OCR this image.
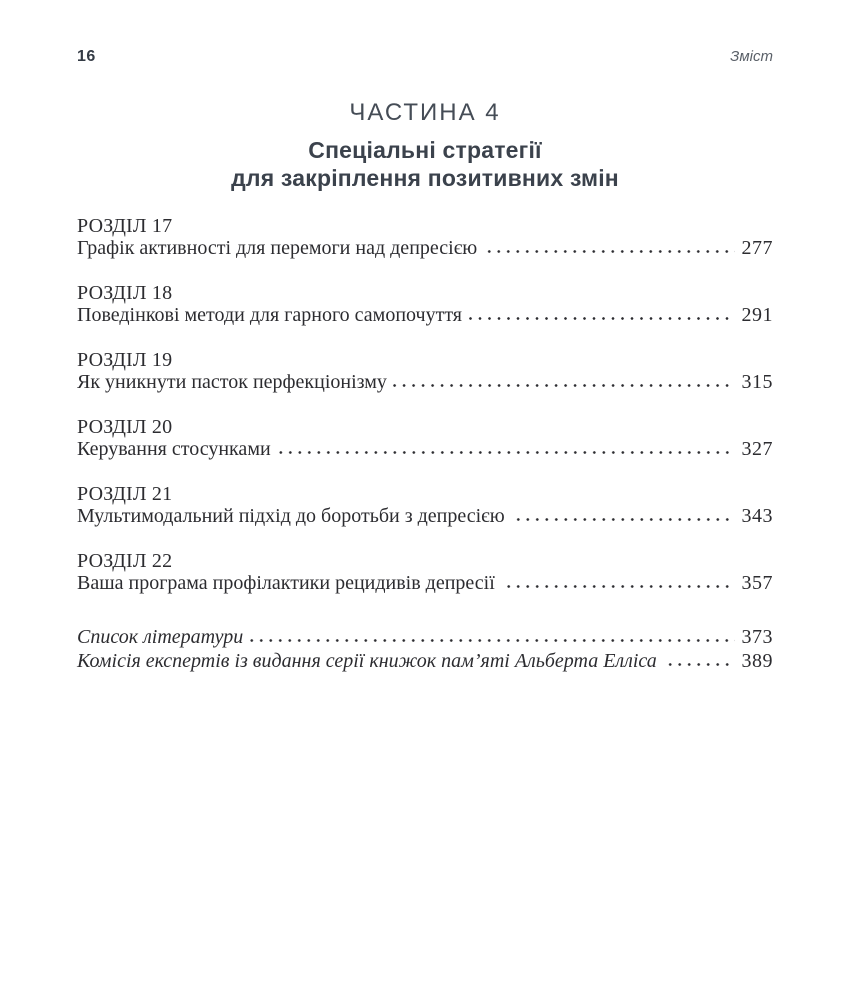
16	Зміст
ЧАСТИНА 4
Спеціальні стратегії
для закріплення позитивних змін
РОЗДІЛ 17
Графік активності для перемоги над депресією	277
РОЗДІЛ 18
Поведінкові методи для гарного самопочуття	291
РОЗДІЛ 19
Як уникнути пасток перфекціонізму	315
РОЗДІЛ 20
Керування стосунками	327
РОЗДІЛ 21
Мультимодальний підхід до боротьби з депресією	343
РОЗДІЛ 22
Ваша програма профілактики рецидивів депресії	357
Список літератури	373
Комісія експертів із видання серії книжок пам’яті Альберта Елліса	389
